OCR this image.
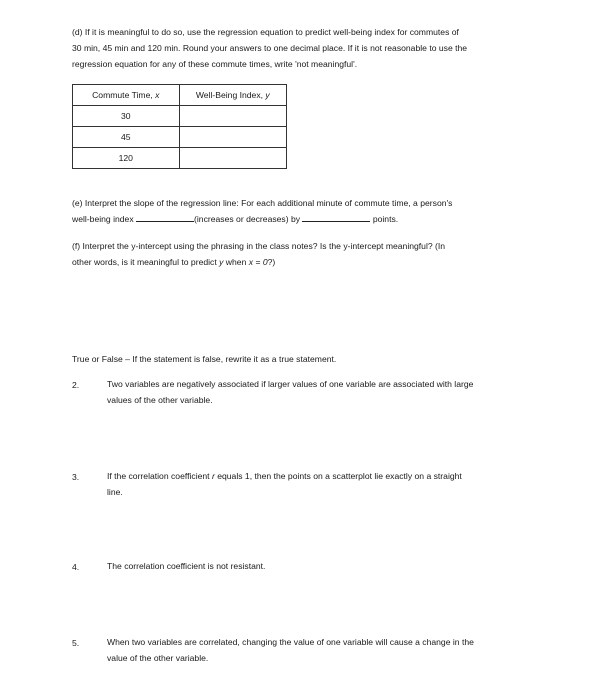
(d) If it is meaningful to do so, use the regression equation to predict well-being index for commutes of
30 min, 45 min and 120 min. Round your answers to one decimal place. If it is not reasonable to use the
regression equation for any of these commute times, write 'not meaningful'.
Commute Time, x	Well-Being Index, y
30	
45	
120	
(e) Interpret the slope of the regression line: For each additional minute of commute time, a person's
well-being index	(increases or decreases) by	points.
(f) Interpret the y-intercept using the phrasing in the class notes? Is the y-intercept meaningful? (In
other words, is it meaningful to predict y when x = 0?)
True or False – If the statement is false, rewrite it as a true statement.
2.	Two variables are negatively associated if larger values of one variable are associated with large
values of the other variable.
3.	If the correlation coefficient r equals 1, then the points on a scatterplot lie exactly on a straight
line.
4.	The correlation coefficient is not resistant.
5.	When two variables are correlated, changing the value of one variable will cause a change in the
value of the other variable.
